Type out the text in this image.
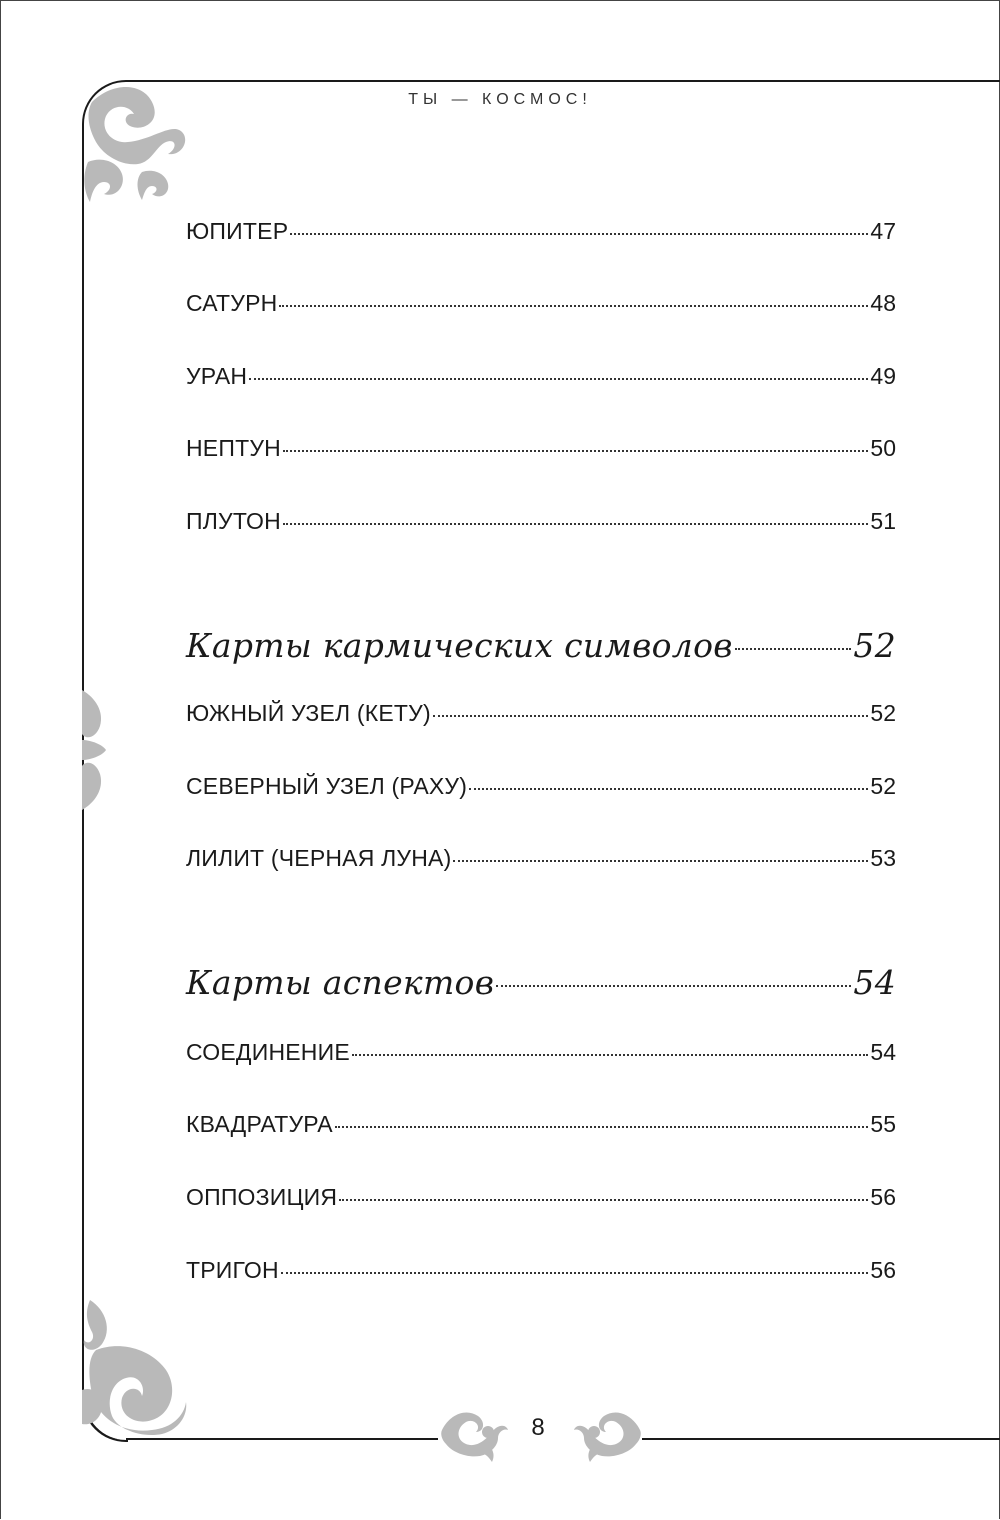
ТЫ — КОСМОС!
ЮПИТЕР	47
САТУРН	48
УРАН	49
НЕПТУН	50
ПЛУТОН	51
Карты кармических символов	52
ЮЖНЫЙ УЗЕЛ (КЕТУ)	52
СЕВЕРНЫЙ УЗЕЛ (РАХУ)	52
ЛИЛИТ (ЧЕРНАЯ ЛУНА)	53
Карты аспектов	54
СОЕДИНЕНИЕ	54
КВАДРАТУРА	55
ОППОЗИЦИЯ	56
ТРИГОН	56
8
